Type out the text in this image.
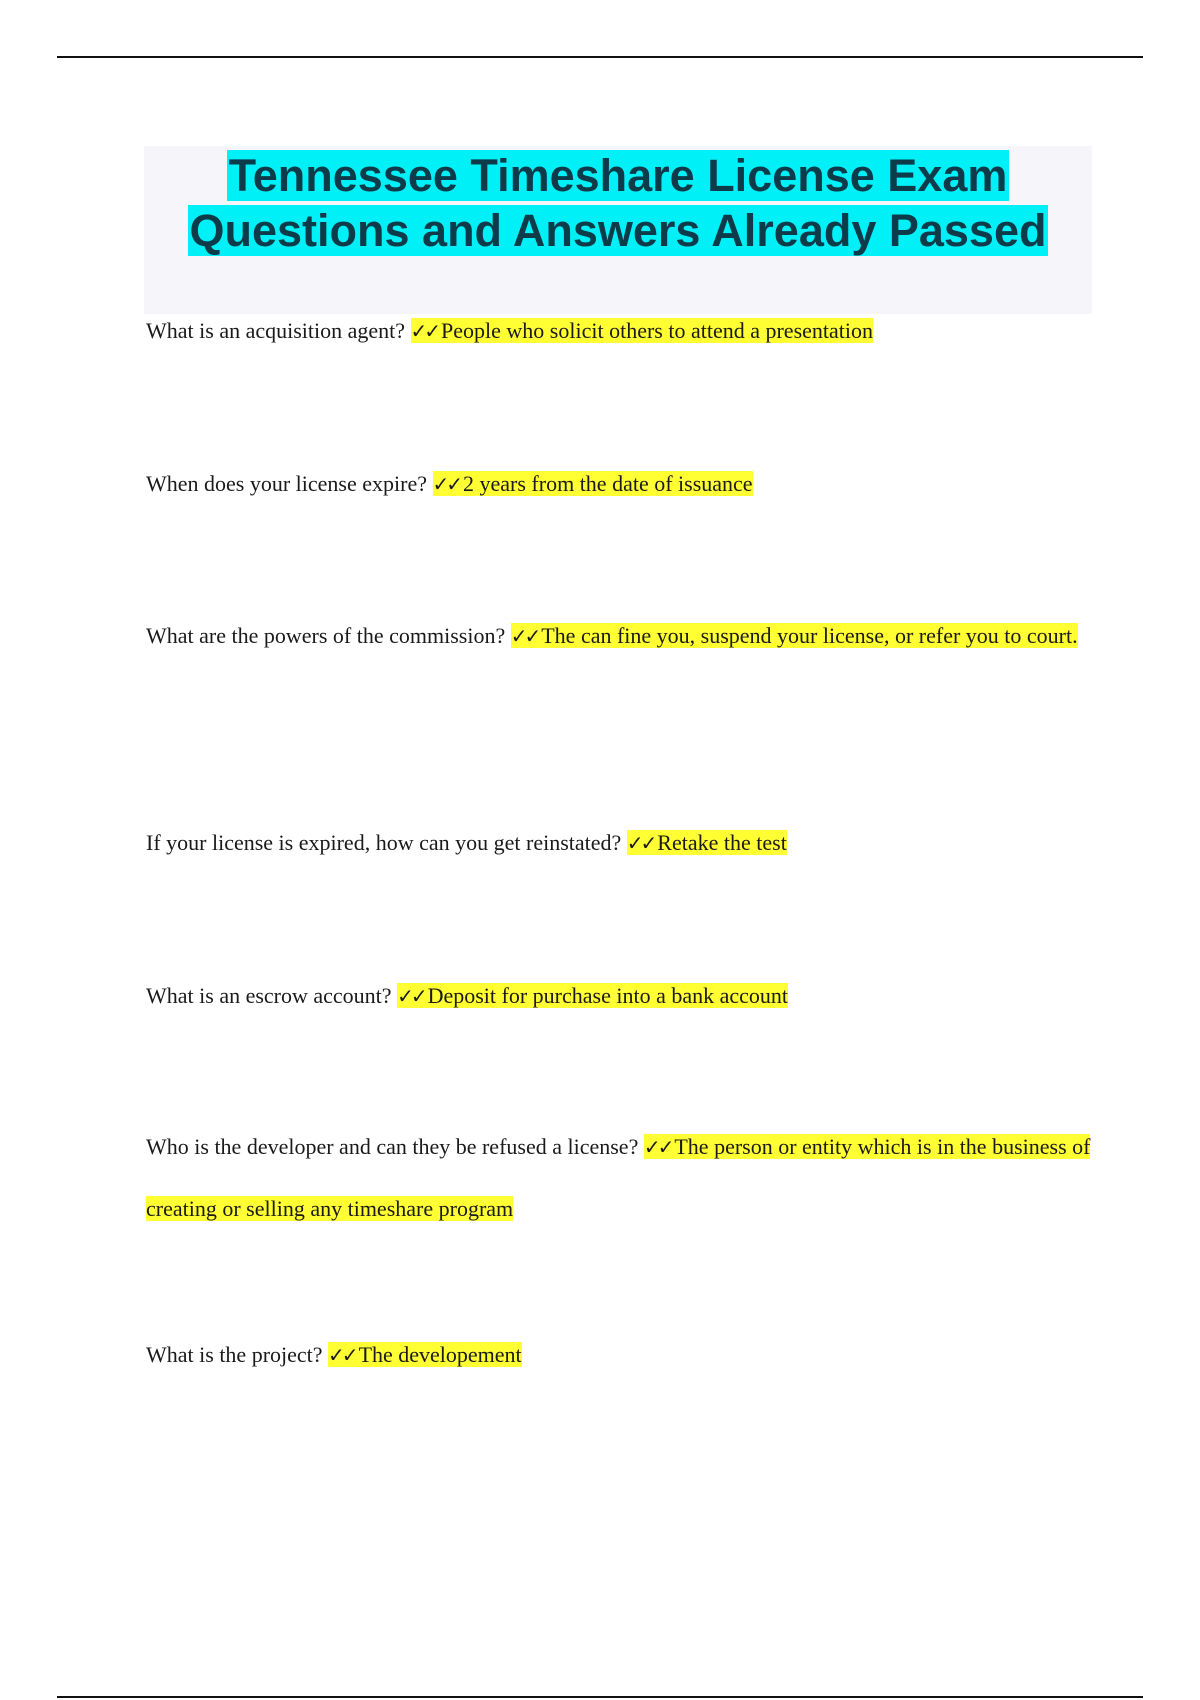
Tennessee Timeshare License Exam
Questions and Answers Already Passed

What is an acquisition agent? ✓✓ People who solicit others to attend a presentation

When does your license expire? ✓✓ 2 years from the date of issuance

What are the powers of the commission? ✓✓ The can fine you, suspend your license, or refer you to court.

If your license is expired, how can you get reinstated? ✓✓ Retake the test

What is an escrow account? ✓✓ Deposit for purchase into a bank account

Who is the developer and can they be refused a license? ✓✓ The person or entity which is in the business of creating or selling any timeshare program

What is the project? ✓✓ The developement
